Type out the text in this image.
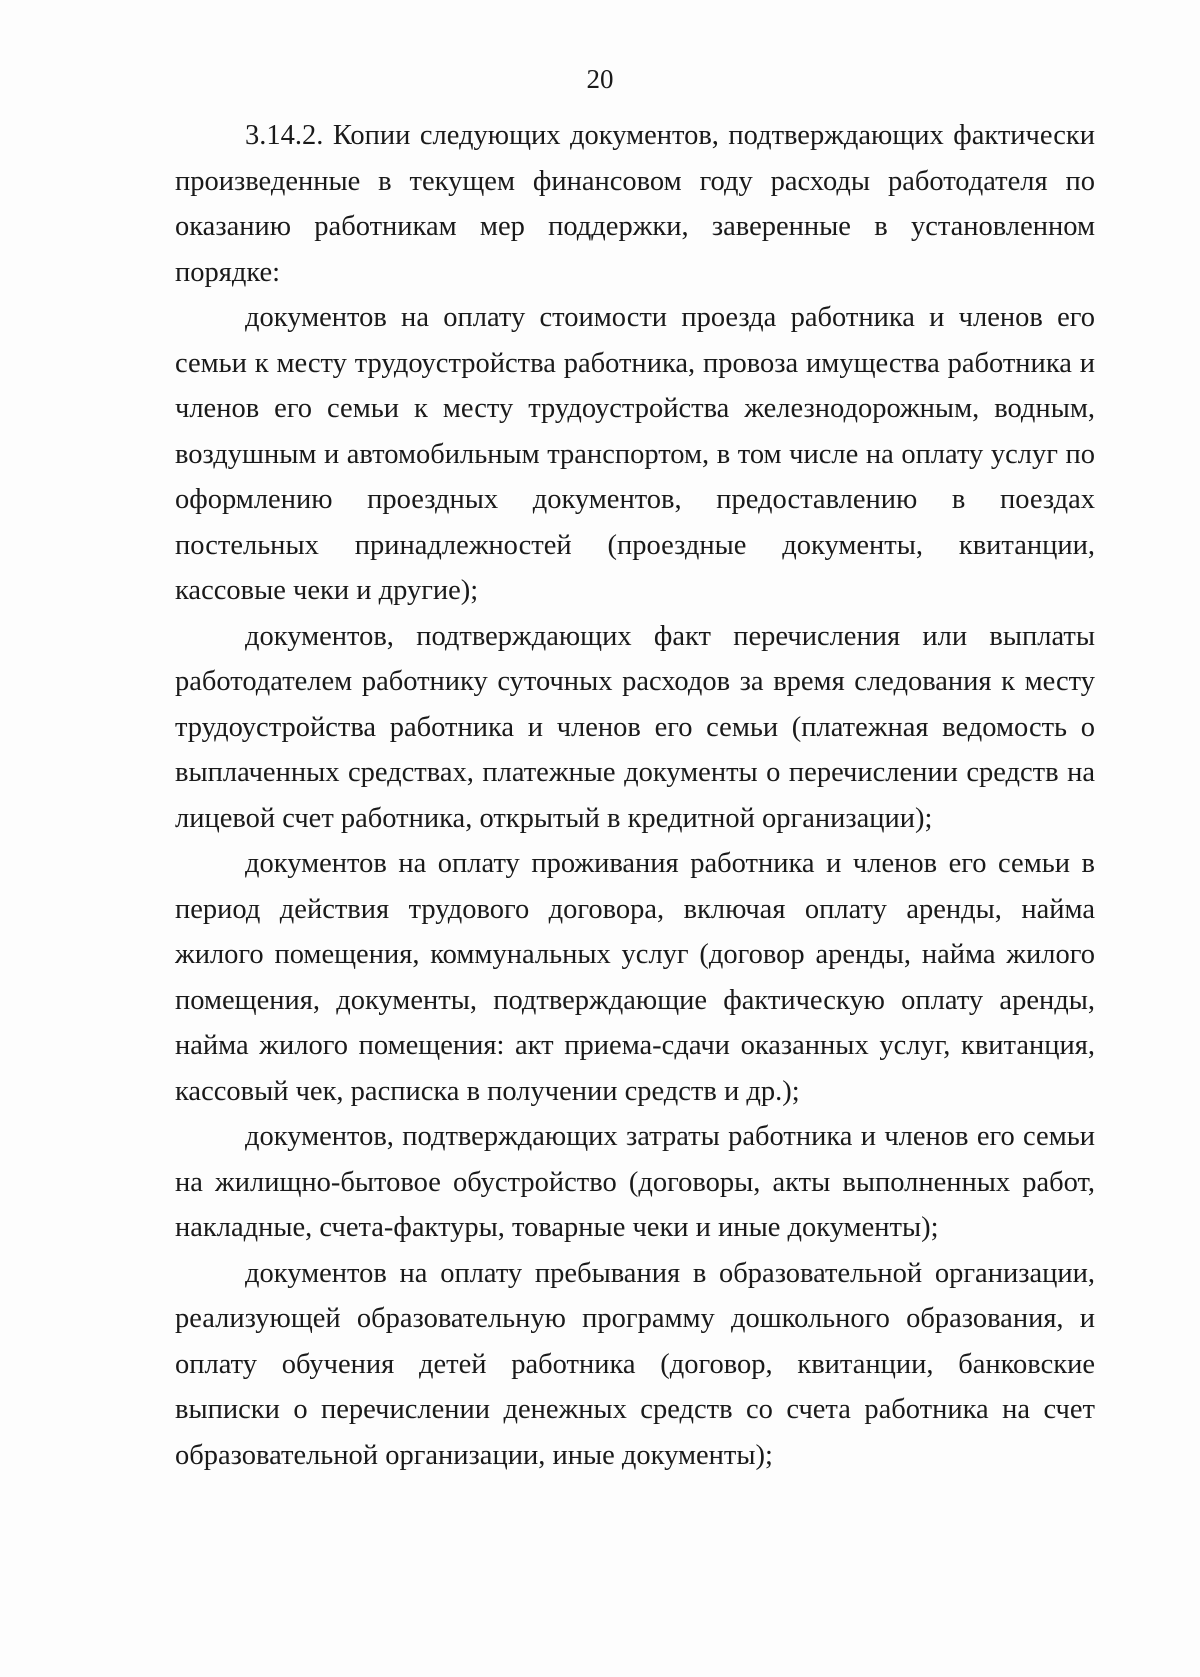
20

3.14.2. Копии следующих документов, подтверждающих фактически произведенные в текущем финансовом году расходы работодателя по оказанию работникам мер поддержки, заверенные в установленном порядке:

документов на оплату стоимости проезда работника и членов его семьи к месту трудоустройства работника, провоза имущества работника и членов его семьи к месту трудоустройства железнодорожным, водным, воздушным и автомобильным транспортом, в том числе на оплату услуг по оформлению проездных документов, предоставлению в поездах постельных принадлежностей (проездные документы, квитанции, кассовые чеки и другие);

документов, подтверждающих факт перечисления или выплаты работодателем работнику суточных расходов за время следования к месту трудоустройства работника и членов его семьи (платежная ведомость о выплаченных средствах, платежные документы о перечислении средств на лицевой счет работника, открытый в кредитной организации);

документов на оплату проживания работника и членов его семьи в период действия трудового договора, включая оплату аренды, найма жилого помещения, коммунальных услуг (договор аренды, найма жилого помещения, документы, подтверждающие фактическую оплату аренды, найма жилого помещения: акт приема-сдачи оказанных услуг, квитанция, кассовый чек, расписка в получении средств и др.);

документов, подтверждающих затраты работника и членов его семьи на жилищно-бытовое обустройство (договоры, акты выполненных работ, накладные, счета-фактуры, товарные чеки и иные документы);

документов на оплату пребывания в образовательной организации, реализующей образовательную программу дошкольного образования, и оплату обучения детей работника (договор, квитанции, банковские выписки о перечислении денежных средств со счета работника на счет образовательной организации, иные документы);
